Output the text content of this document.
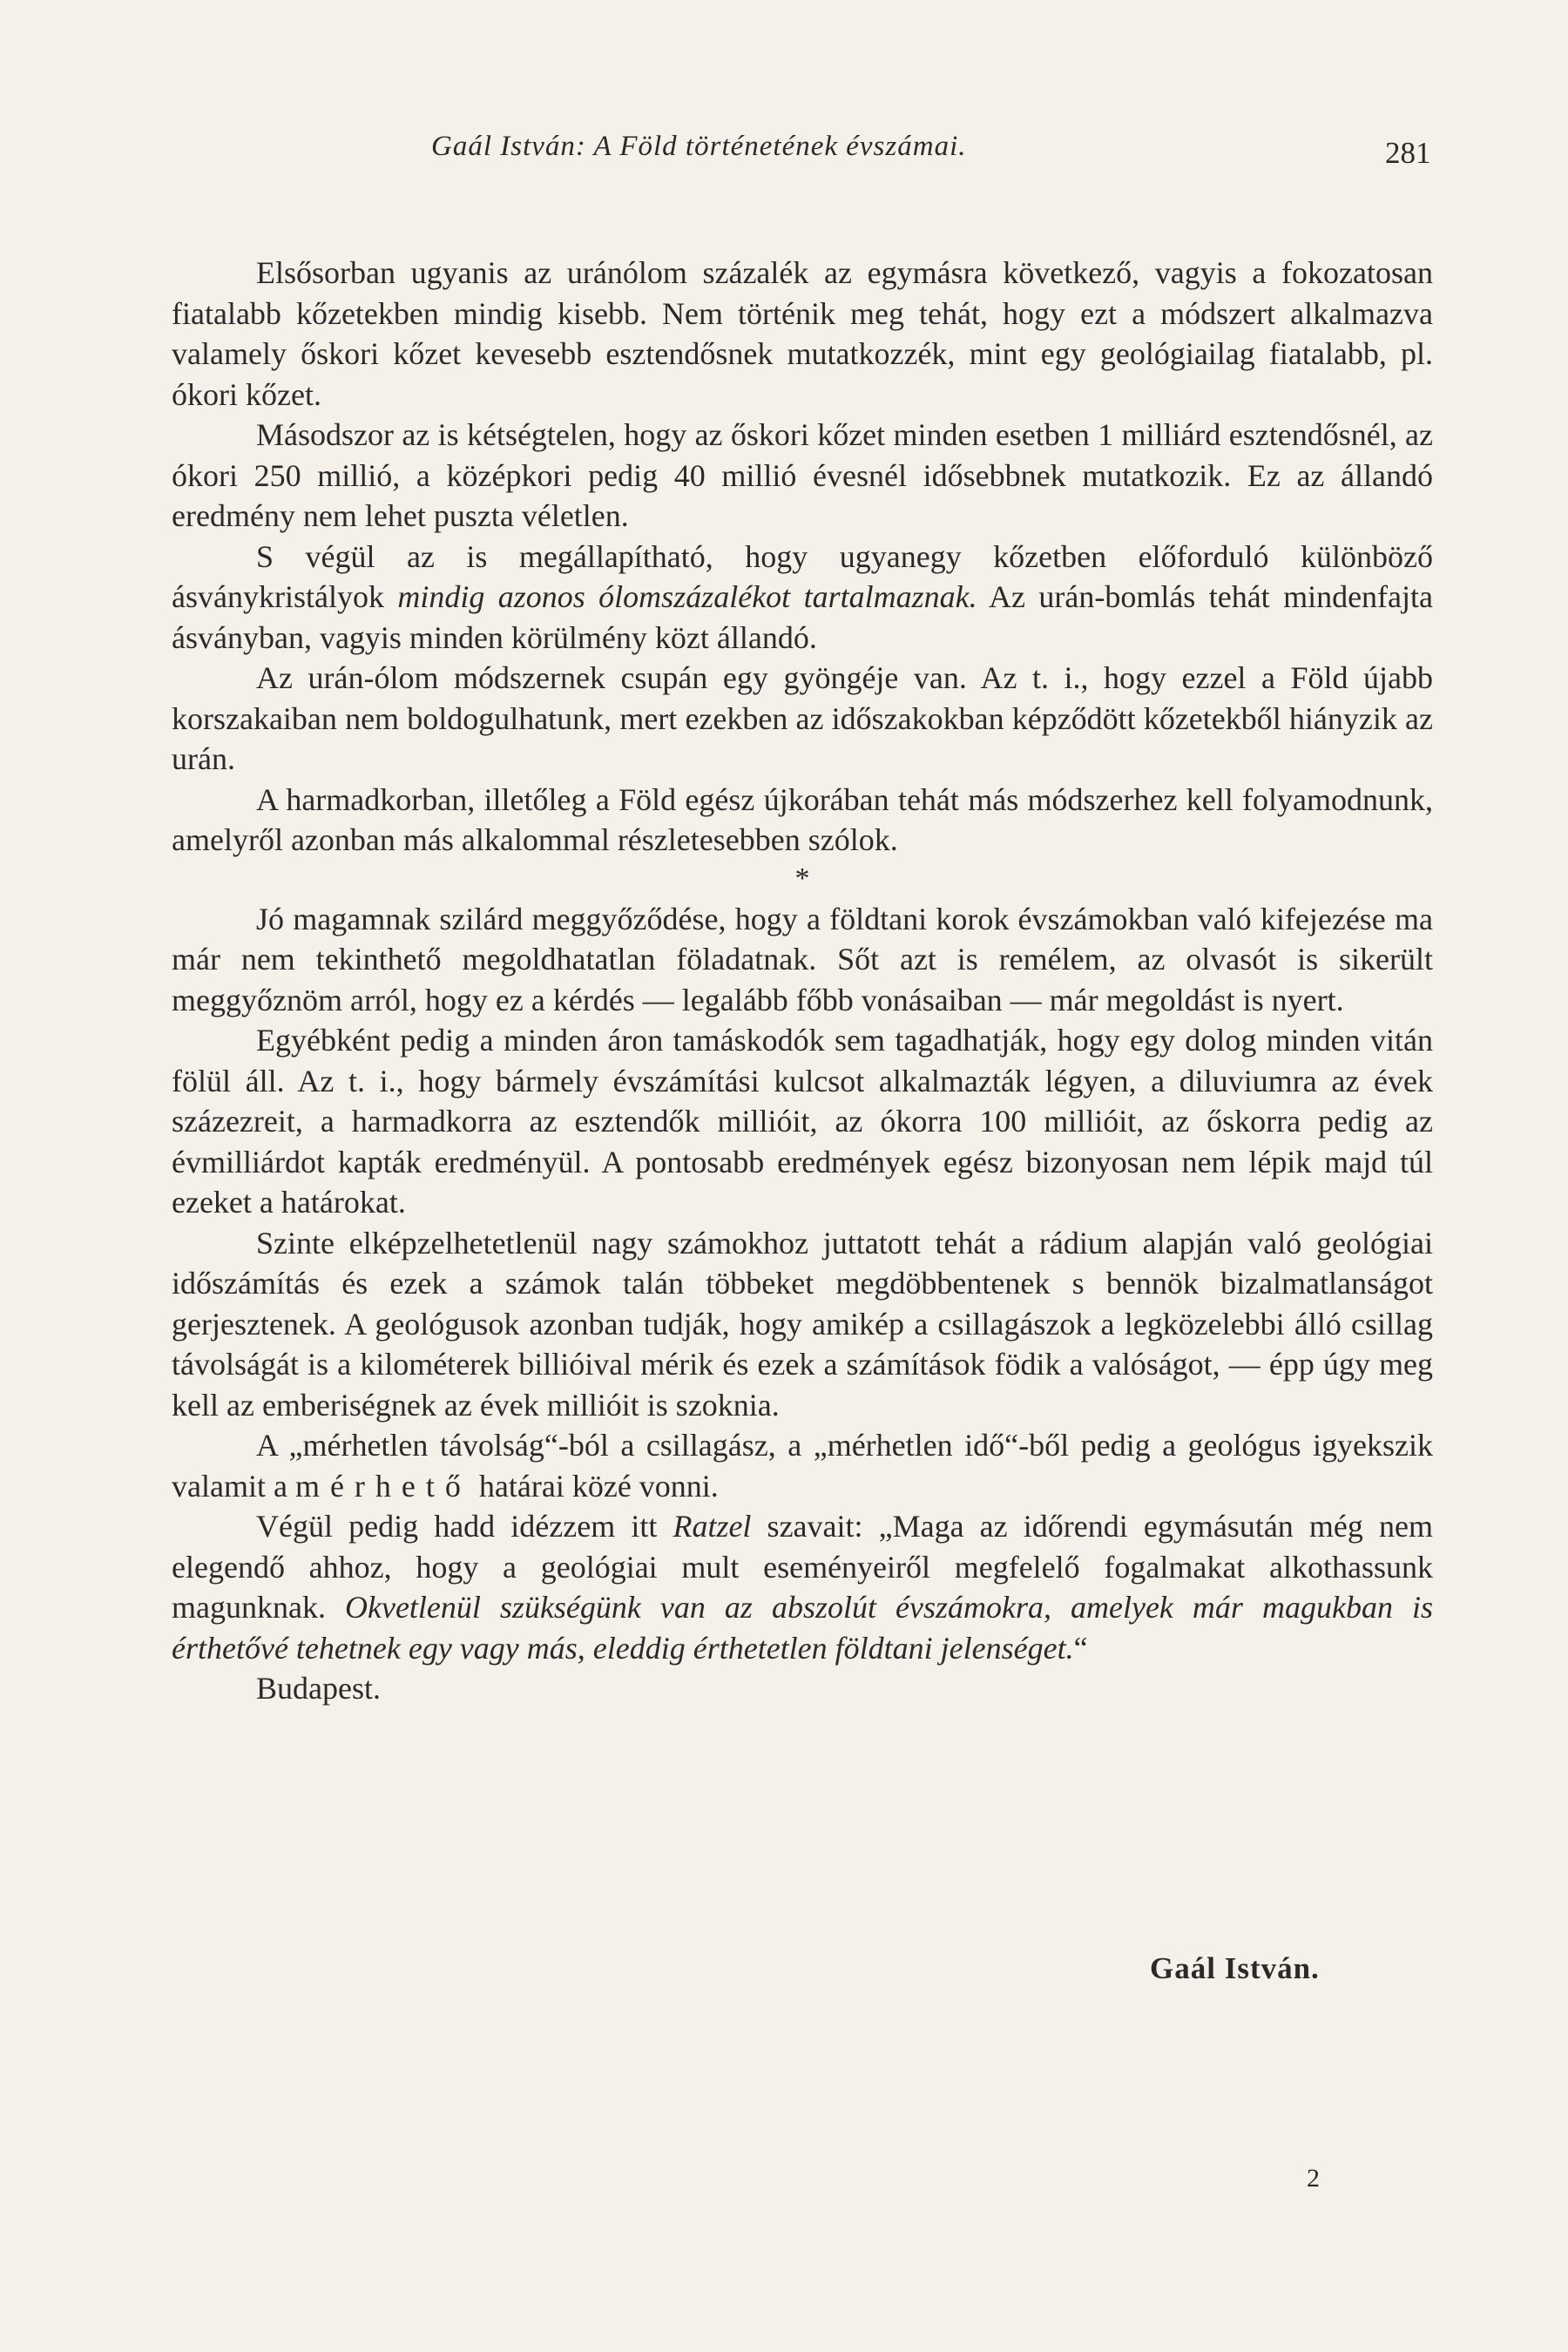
Gaál István: A Föld történetének évszámai.	281

Elsősorban ugyanis az uránólom százalék az egymásra következő, vagyis a fokozatosan fiatalabb kőzetekben mindig kisebb. Nem történik meg tehát, hogy ezt a módszert alkalmazva valamely őskori kőzet kevesebb esztendősnek mutatkozzék, mint egy geológiailag fiatalabb, pl. ókori kőzet.

Másodszor az is kétségtelen, hogy az őskori kőzet minden esetben 1 milliárd esztendősnél, az ókori 250 millió, a középkori pedig 40 millió évesnél idősebbnek mutatkozik. Ez az állandó eredmény nem lehet puszta véletlen.

S végül az is megállapítható, hogy ugyanegy kőzetben előforduló különböző ásványkristályok mindig azonos ólomszázalékot tartalmaznak. Az urán-bomlás tehát mindenfajta ásványban, vagyis minden körülmény közt állandó.

Az urán-ólom módszernek csupán egy gyöngéje van. Az t. i., hogy ezzel a Föld újabb korszakaiban nem boldogulhatunk, mert ezekben az időszakokban képződött kőzetekből hiányzik az urán.

A harmadkorban, illetőleg a Föld egész újkorában tehát más módszerhez kell folyamodnunk, amelyről azonban más alkalommal részletesebben szólok.

*

Jó magamnak szilárd meggyőződése, hogy a földtani korok évszámokban való kifejezése ma már nem tekinthető megoldhatatlan föladatnak. Sőt azt is remélem, az olvasót is sikerült meggyőznöm arról, hogy ez a kérdés — legalább főbb vonásaiban — már megoldást is nyert.

Egyébként pedig a minden áron tamáskodók sem tagadhatják, hogy egy dolog minden vitán fölül áll. Az t. i., hogy bármely évszámítási kulcsot alkalmazták légyen, a diluviumra az évek százezreit, a harmadkorra az esztendők millióit, az ókorra 100 millióit, az őskorra pedig az évmilliárdot kapták eredményül. A pontosabb eredmények egész bizonyosan nem lépik majd túl ezeket a határokat.

Szinte elképzelhetetlenül nagy számokhoz juttatott tehát a rádium alapján való geológiai időszámítás és ezek a számok talán többeket megdöbbentenek s bennök bizalmatlanságot gerjesztenek. A geológusok azonban tudják, hogy amikép a csillagászok a legközelebbi álló csillag távolságát is a kilométerek billióival mérik és ezek a számítások födik a valóságot, — épp úgy meg kell az emberiségnek az évek millióit is szoknia.

A „mérhetlen távolság“-ból a csillagász, a „mérhetlen idő“-ből pedig a geológus igyekszik valamit a mérhető határai közé vonni.

Végül pedig hadd idézzem itt Ratzel szavait: „Maga az időrendi egymásután még nem elegendő ahhoz, hogy a geológiai mult eseményeiről megfelelő fogalmakat alkothassunk magunknak. Okvetlenül szükségünk van az abszolút évszámokra, amelyek már magukban is érthetővé tehetnek egy vagy más, eleddig érthetetlen földtani jelenséget.“

Budapest.

Gaál István.
2
